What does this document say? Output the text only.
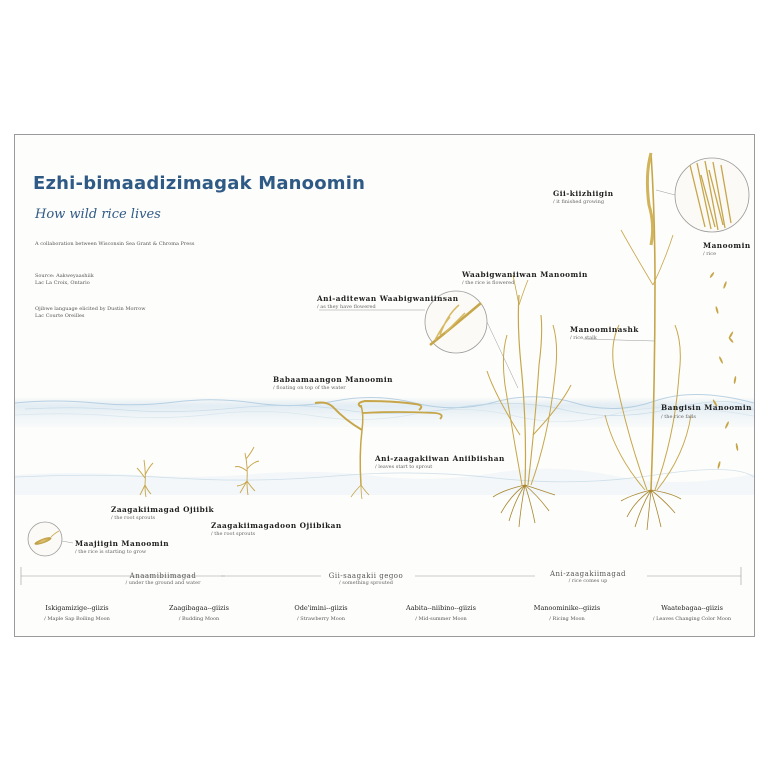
Ezhi-bimaadizimagak Manoomin
How wild rice lives
A collaboration between Wisconsin Sea Grant & Chroma Press
Source: Aakweyaashiik
Lac La Croix, Ontario
Ojibwe language elicited by Dustin Morrow
Lac Courte Oreilles
Maajiigin Manoomin
/ the rice is starting to grow
Zaagakiimagad Ojiibik
/ the root sprouts
Zaagakiimagadoon Ojiibikan
/ the root sprouts
Babaamaangon Manoomin
/ floating on top of the water
Ani-zaagakiiwan Aniibiishan
/ leaves start to sprout
Ani-aditewan Waabigwaniinsan
/ as they have flowered
Waabigwaniiwan Manoomin
/ the rice is flowered
Gii-kiizhiigin
/ it finished growing
Manoomin
/ rice
Manoominashk
/ rice stalk
Bangisin Manoomin
/ the rice falls
Anaamibiimagad
/ under the ground and water
Gii-saagakii gegoo
/ something sprouted
Ani-zaagakiimagad
/ rice comes up
Iskigamizige--giizis
/ Maple Sap Boiling Moon
Zaagibagaa--giizis
/ Budding Moon
Ode'imini--giizis
/ Strawberry Moon
Aabita--niibino--giizis
/ Mid-summer Moon
Manoominike--giizis
/ Ricing Moon
Waatebagaa--giizis
/ Leaves Changing Color Moon
